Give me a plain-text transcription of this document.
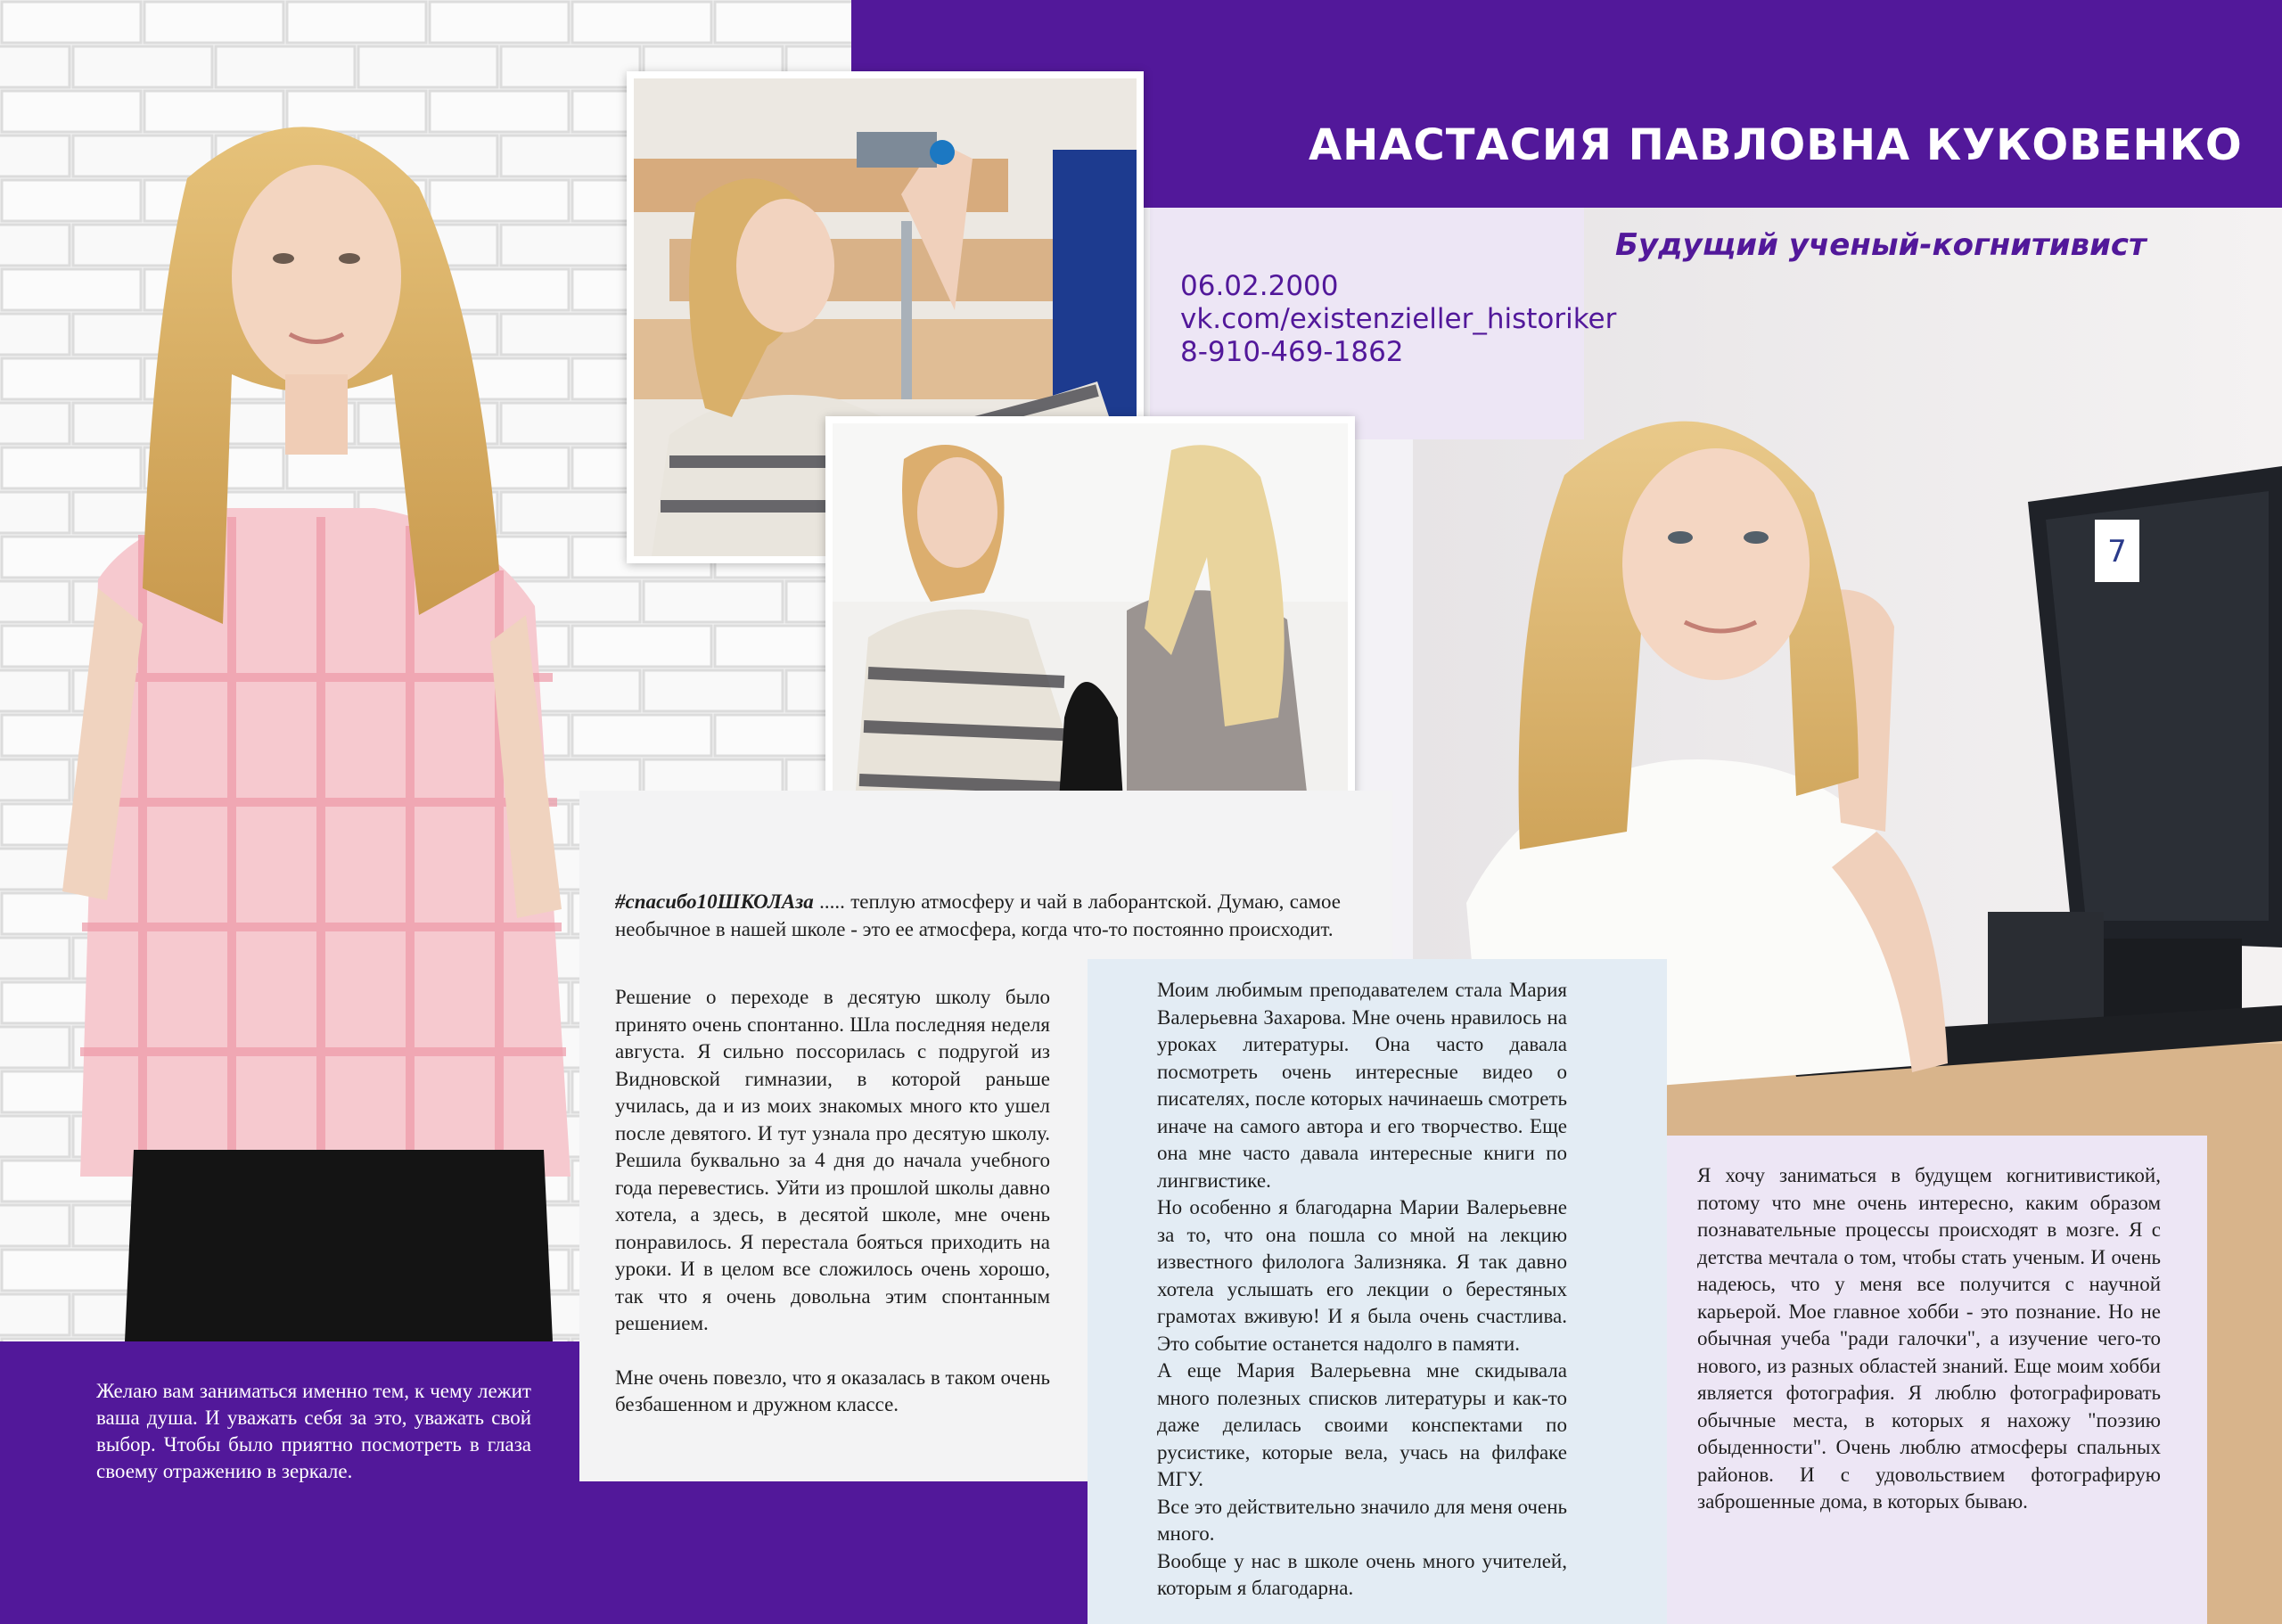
АНАСТАСИЯ ПАВЛОВНА КУКОВЕНКО
7
Будущий ученый-когнитивист
06.02.2000
vk.com/existenzieller_historiker
8-910-469-1862
Желаю вам заниматься именно тем, к чему лежит ваша душа. И уважать себя за это, уважать свой выбор. Чтобы было приятно посмотреть в глаза своему отражению в зеркале.
#спасибо10ШКОЛАза ..... теплую атмосферу и чай в лаборантской. Думаю, самое необычное в нашей школе - это ее атмосфера, когда что-то постоянно происходит.

Решение о переходе в десятую школу было принято очень спонтанно. Шла последняя неделя августа. Я сильно поссорилась с подругой из Видновской гимназии, в которой раньше училась, да и из моих знакомых много кто ушел после девятого. И тут узнала про десятую школу. Решила буквально за 4 дня до начала учебного года перевестись. Уйти из прошлой школы давно хотела, а здесь, в десятой школе, мне очень понравилось. Я перестала бояться приходить на уроки. И в целом все сложилось очень хорошо, так что я очень довольна этим спонтанным решением.

Мне очень повезло, что я оказалась в таком очень безбашенном и дружном классе.

Моим любимым преподавателем стала Мария Валерьевна Захарова. Мне очень нравилось на уроках литературы. Она часто давала посмотреть очень интересные видео о писателях, после которых начинаешь смотреть иначе на самого автора и его творчество. Еще она мне часто давала интересные книги по лингвистике.

Но особенно я благодарна Марии Валерьевне за то, что она пошла со мной на лекцию известного филолога Зализняка. Я так давно хотела услышать его лекции о берестяных грамотах вживую! И я была очень счастлива. Это событие останется надолго в памяти.

А еще Мария Валерьевна мне скидывала много полезных списков литературы и как-то даже делилась своими конспектами по русистике, которые вела, учась на филфаке МГУ.

Все это действительно значило для меня очень много.

Вообще у нас в школе очень много учителей, которым я благодарна.

Я хочу заниматься в будущем когнитивистикой, потому что мне очень интересно, каким образом познавательные процессы происходят в мозге. Я с детства мечтала о том, чтобы стать ученым. И очень надеюсь, что у меня все получится с научной карьерой. Мое главное хобби - это познание. Но не обычная учеба "ради галочки", а изучение чего-то нового, из разных областей знаний. Еще моим хобби является фотография. Я люблю фотографировать обычные места, в которых я нахожу "поэзию обыденности". Очень люблю атмосферы спальных районов. И с удовольствием фотографирую заброшенные дома, в которых бываю.
